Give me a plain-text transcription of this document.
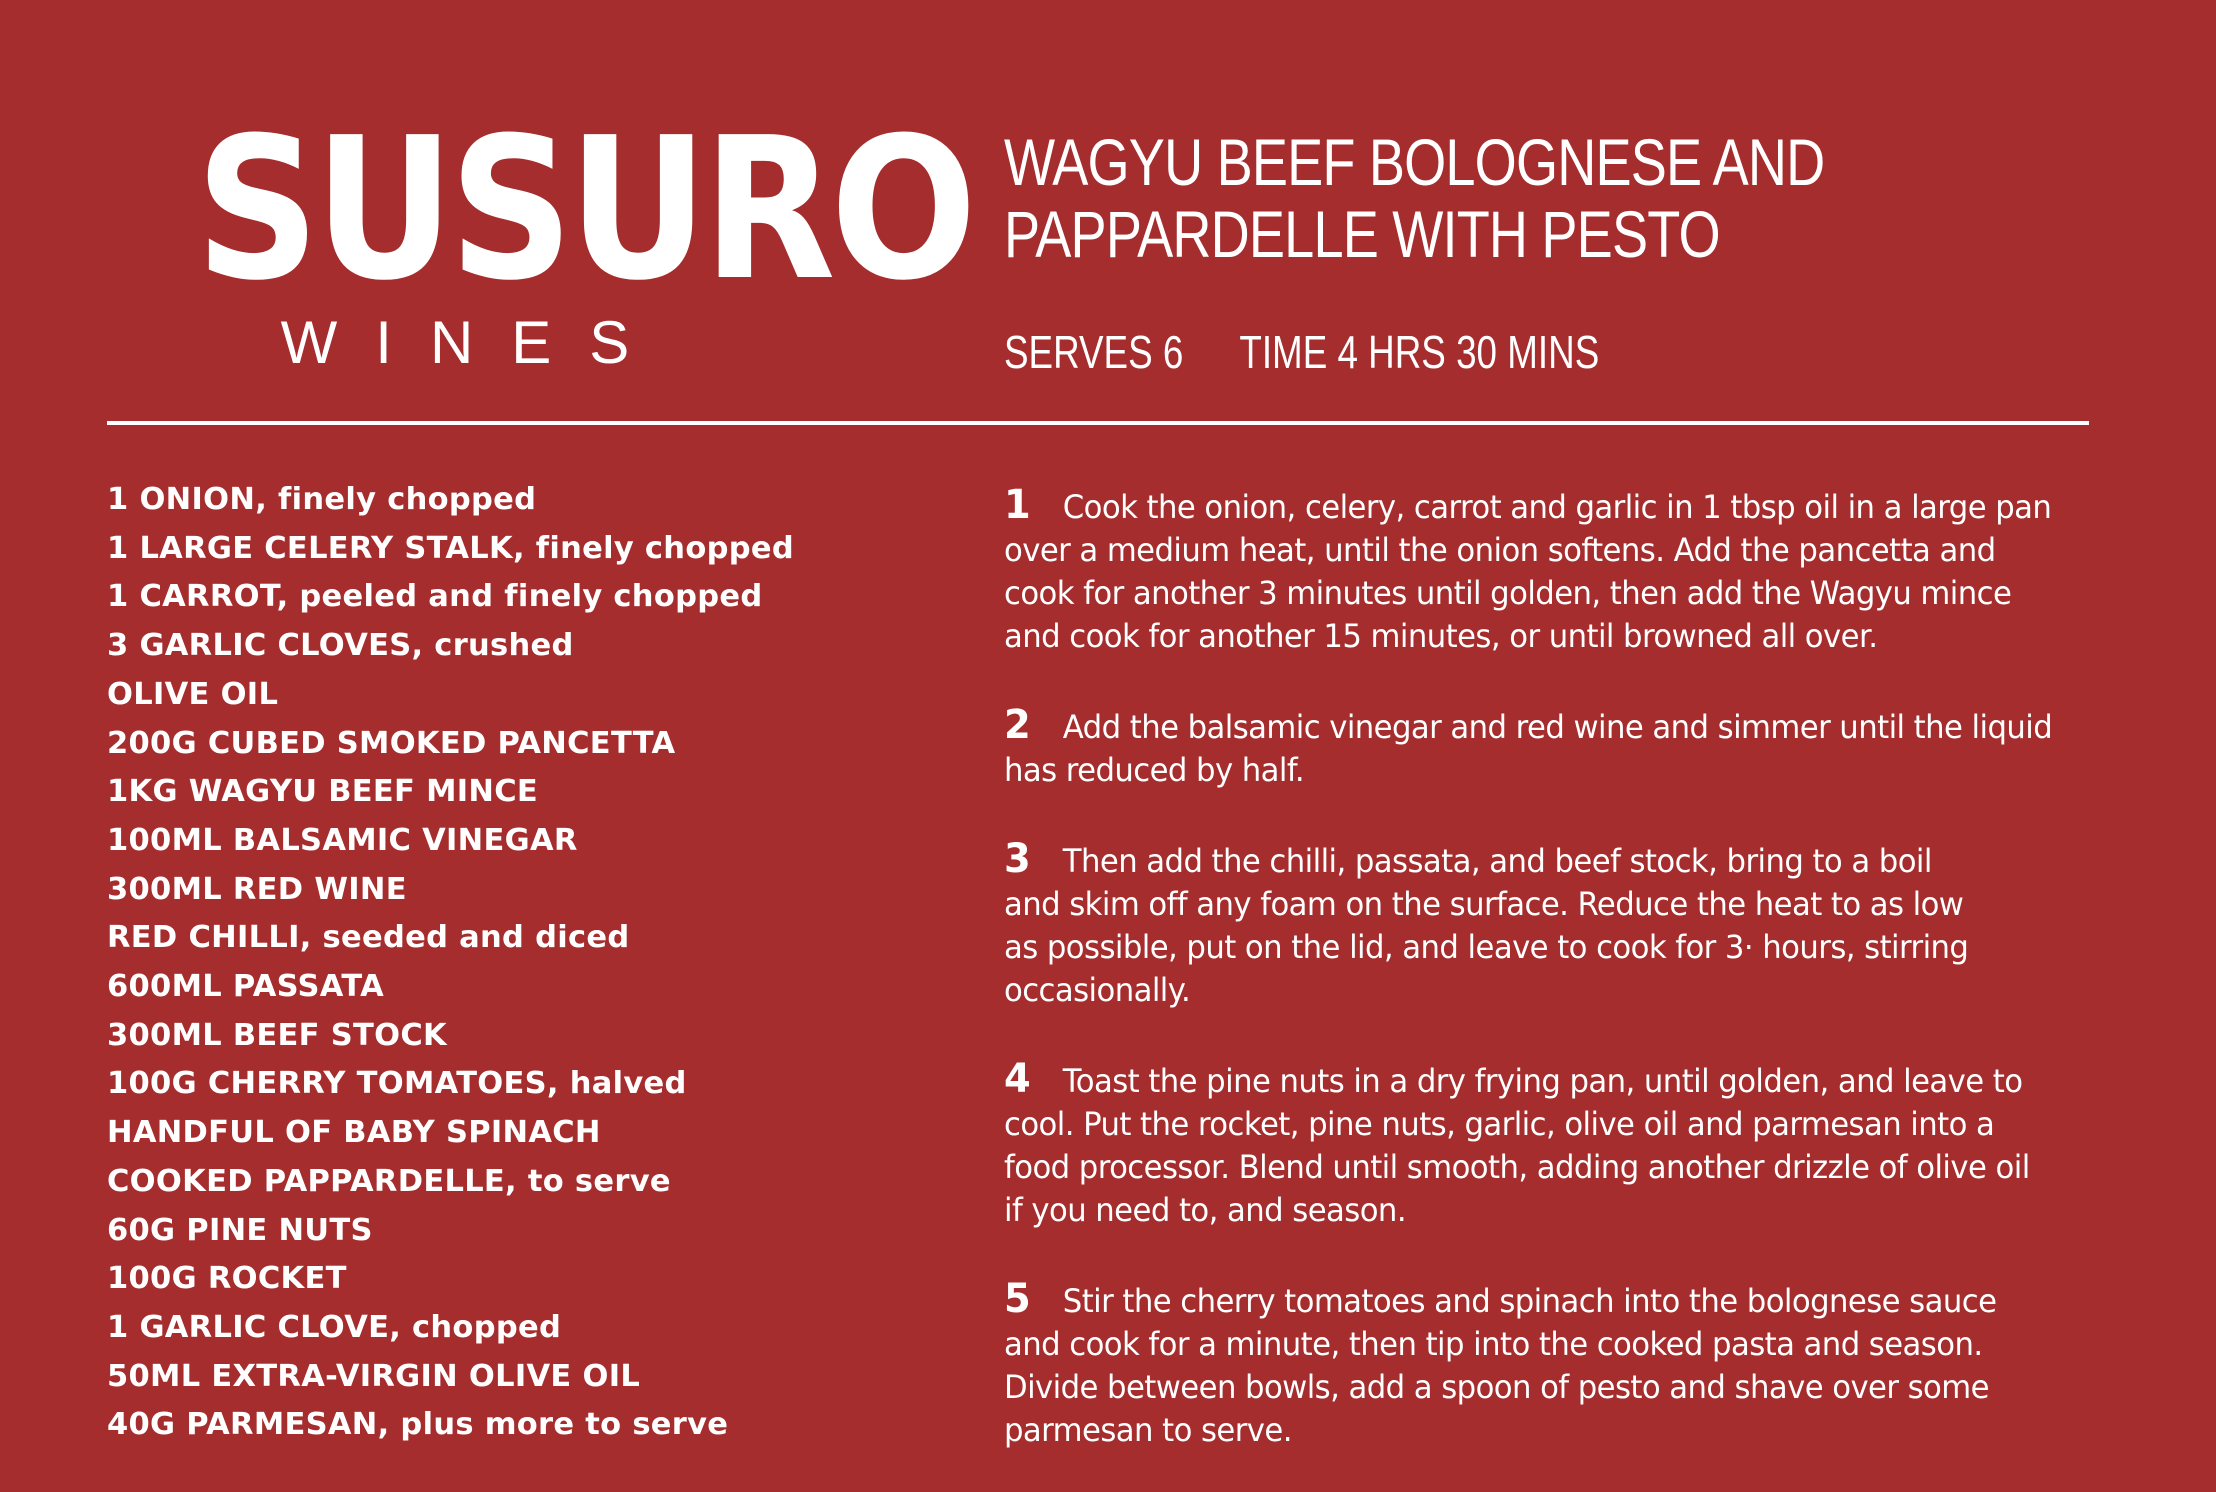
SUSURO
WINES
WAGYU BEEF BOLOGNESE AND
PAPPARDELLE WITH PESTO
SERVES 6 TIME 4 HRS 30 MINS
1 ONION, finely chopped
1 LARGE CELERY STALK, finely chopped
1 CARROT, peeled and finely chopped
3 GARLIC CLOVES, crushed
OLIVE OIL
200G CUBED SMOKED PANCETTA
1KG WAGYU BEEF MINCE
100ML BALSAMIC VINEGAR
300ML RED WINE
RED CHILLI, seeded and diced
600ML PASSATA
300ML BEEF STOCK
100G CHERRY TOMATOES, halved
HANDFUL OF BABY SPINACH
COOKED PAPPARDELLE, to serve
60G PINE NUTS
100G ROCKET
1 GARLIC CLOVE, chopped
50ML EXTRA-VIRGIN OLIVE OIL
40G PARMESAN, plus more to serve
1 Cook the onion, celery, carrot and garlic in 1 tbsp oil in a large pan
over a medium heat, until the onion softens. Add the pancetta and
cook for another 3 minutes until golden, then add the Wagyu mince
and cook for another 15 minutes, or until browned all over.
2 Add the balsamic vinegar and red wine and simmer until the liquid
has reduced by half.
3 Then add the chilli, passata, and beef stock, bring to a boil
and skim off any foam on the surface. Reduce the heat to as low
as possible, put on the lid, and leave to cook for 3· hours, stirring
occasionally.
4 Toast the pine nuts in a dry frying pan, until golden, and leave to
cool. Put the rocket, pine nuts, garlic, olive oil and parmesan into a
food processor. Blend until smooth, adding another drizzle of olive oil
if you need to, and season.
5 Stir the cherry tomatoes and spinach into the bolognese sauce
and cook for a minute, then tip into the cooked pasta and season.
Divide between bowls, add a spoon of pesto and shave over some
parmesan to serve.
